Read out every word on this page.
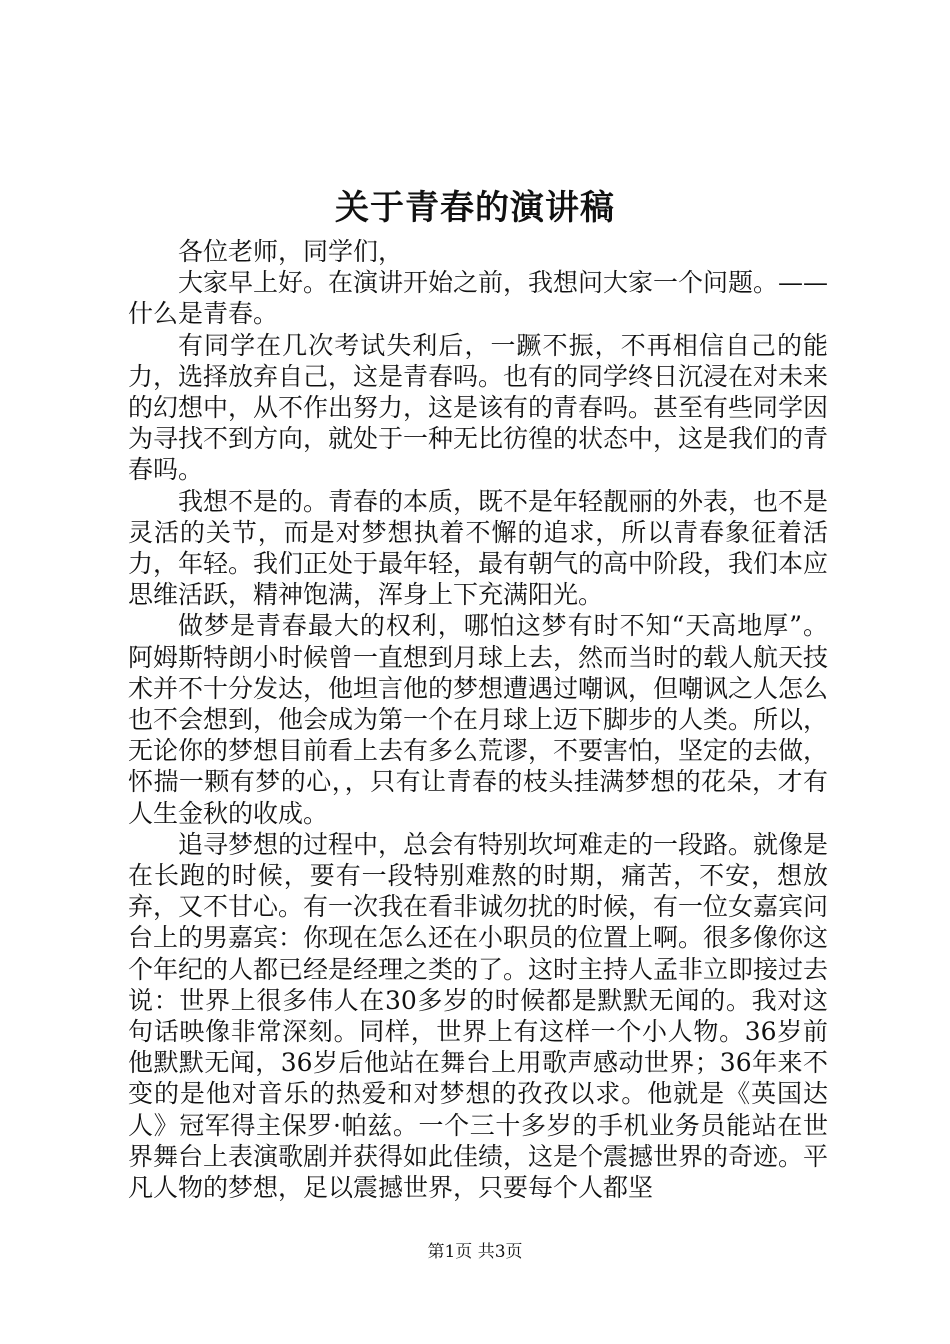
关于青春的演讲稿

各位老师，同学们，

大家早上好。在演讲开始之前，我想问大家一个问题。——什么是青春。

有同学在几次考试失利后，一蹶不振，不再相信自己的能力，选择放弃自己，这是青春吗。也有的同学终日沉浸在对未来的幻想中，从不作出努力，这是该有的青春吗。甚至有些同学因为寻找不到方向，就处于一种无比彷徨的状态中，这是我们的青春吗。

我想不是的。青春的本质，既不是年轻靓丽的外表，也不是灵活的关节，而是对梦想执着不懈的追求，所以青春象征着活力，年轻。我们正处于最年轻，最有朝气的高中阶段，我们本应思维活跃，精神饱满，浑身上下充满阳光。

做梦是青春最大的权利，哪怕这梦有时不知“天高地厚”。阿姆斯特朗小时候曾一直想到月球上去，然而当时的载人航天技术并不十分发达，他坦言他的梦想遭遇过嘲讽，但嘲讽之人怎么也不会想到，他会成为第一个在月球上迈下脚步的人类。所以，无论你的梦想目前看上去有多么荒谬，不要害怕，坚定的去做，怀揣一颗有梦的心，，只有让青春的枝头挂满梦想的花朵，才有人生金秋的收成。

追寻梦想的过程中，总会有特别坎坷难走的一段路。就像是在长跑的时候，要有一段特别难熬的时期，痛苦，不安，想放弃，又不甘心。有一次我在看非诚勿扰的时候，有一位女嘉宾问台上的男嘉宾：你现在怎么还在小职员的位置上啊。很多像你这个年纪的人都已经是经理之类的了。这时主持人孟非立即接过去说：世界上很多伟人在30多岁的时候都是默默无闻的。我对这句话映像非常深刻。同样，世界上有这样一个小人物。36岁前他默默无闻，36岁后他站在舞台上用歌声感动世界；36年来不变的是他对音乐的热爱和对梦想的孜孜以求。他就是《英国达人》冠军得主保罗·帕兹。一个三十多岁的手机业务员能站在世界舞台上表演歌剧并获得如此佳绩，这是个震撼世界的奇迹。平凡人物的梦想，足以震撼世界，只要每个人都坚

第1页 共3页
